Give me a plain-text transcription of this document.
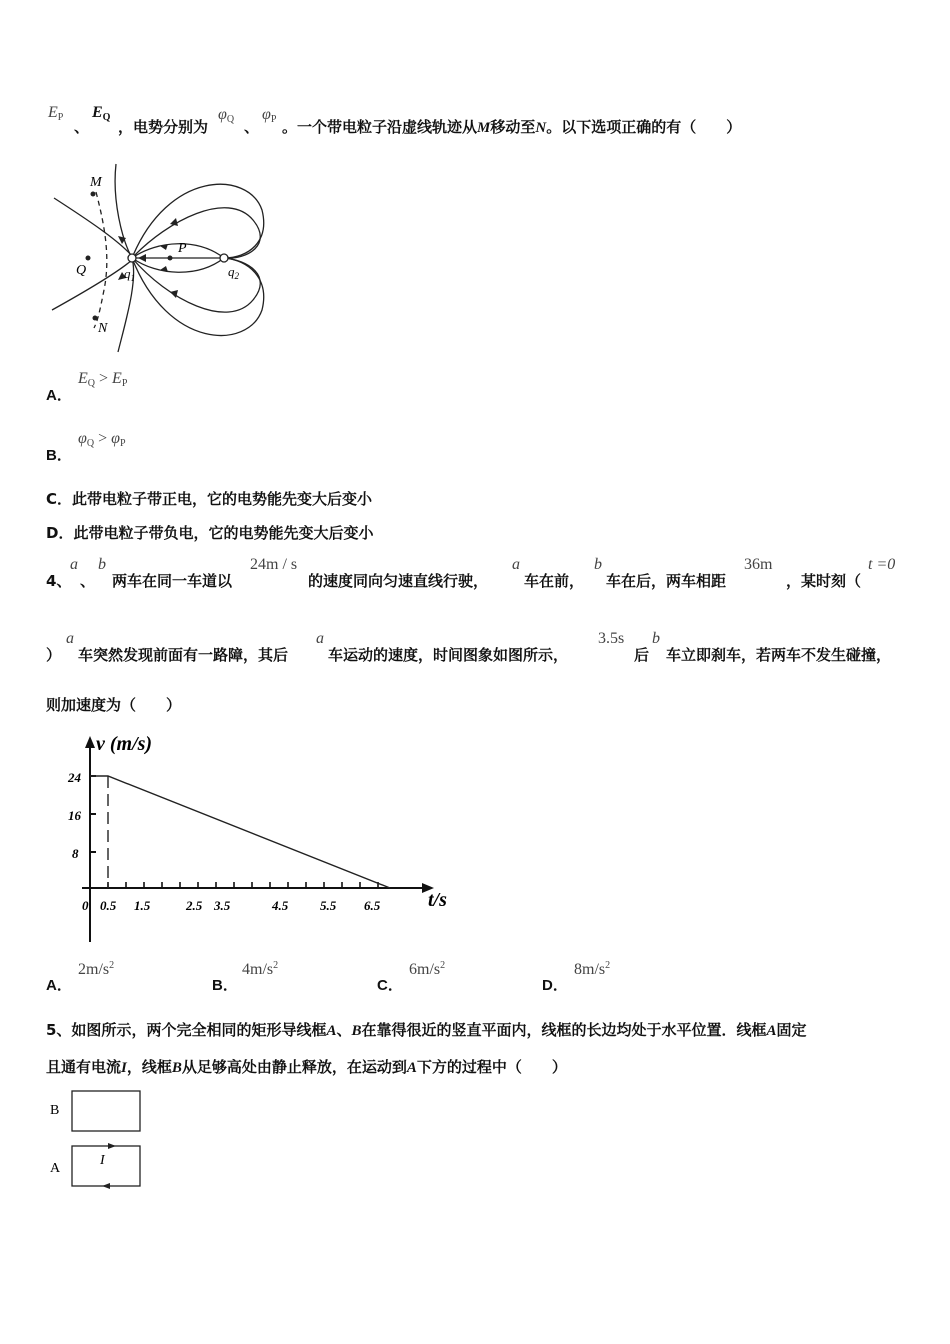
$E_P$
、
$E_Q$
，电势分别为
$\varphi_Q$ 、
$\varphi_P$ 。一个带电粒子沿虚线轨迹从M移动至N。以下选项正确的有（　　）
M
N
Q
P
$q_1$	$q_2$
A．
$E_Q > E_P$
B．
$\varphi_Q > \varphi_P$
C．此带电粒子带正电，它的电势能先变大后变小
D．此带电粒子带负电，它的电势能先变大后变小
4、
a
、
b
两车在同一车道以
24m / s
的速度同向匀速直线行驶，
a
车在前，
b
车在后，两车相距
36m
，某时刻（
t =0
）
a
车突然发现前面有一路障，其后
a
车运动的速度，时间图象如图所示，
3.5s
后
b
车立即刹车，若两车不发生碰撞，
则加速度为（　　）
v (m/s)
t/s
24
16
8
0 0.5 1.5	2.5 3.5	4.5 5.5 6.5
A．
$2m/s^2$
B．
$4m/s^2$
C．
$6m/s^2$
D．
$8m/s^2$
5、如图所示，两个完全相同的矩形导线框A、B在靠得很近的竖直平面内，线框的长边均处于水平位置．线框A固定
且通有电流I，线框B从足够高处由静止释放，在运动到A下方的过程中（　　）
B
A
I
